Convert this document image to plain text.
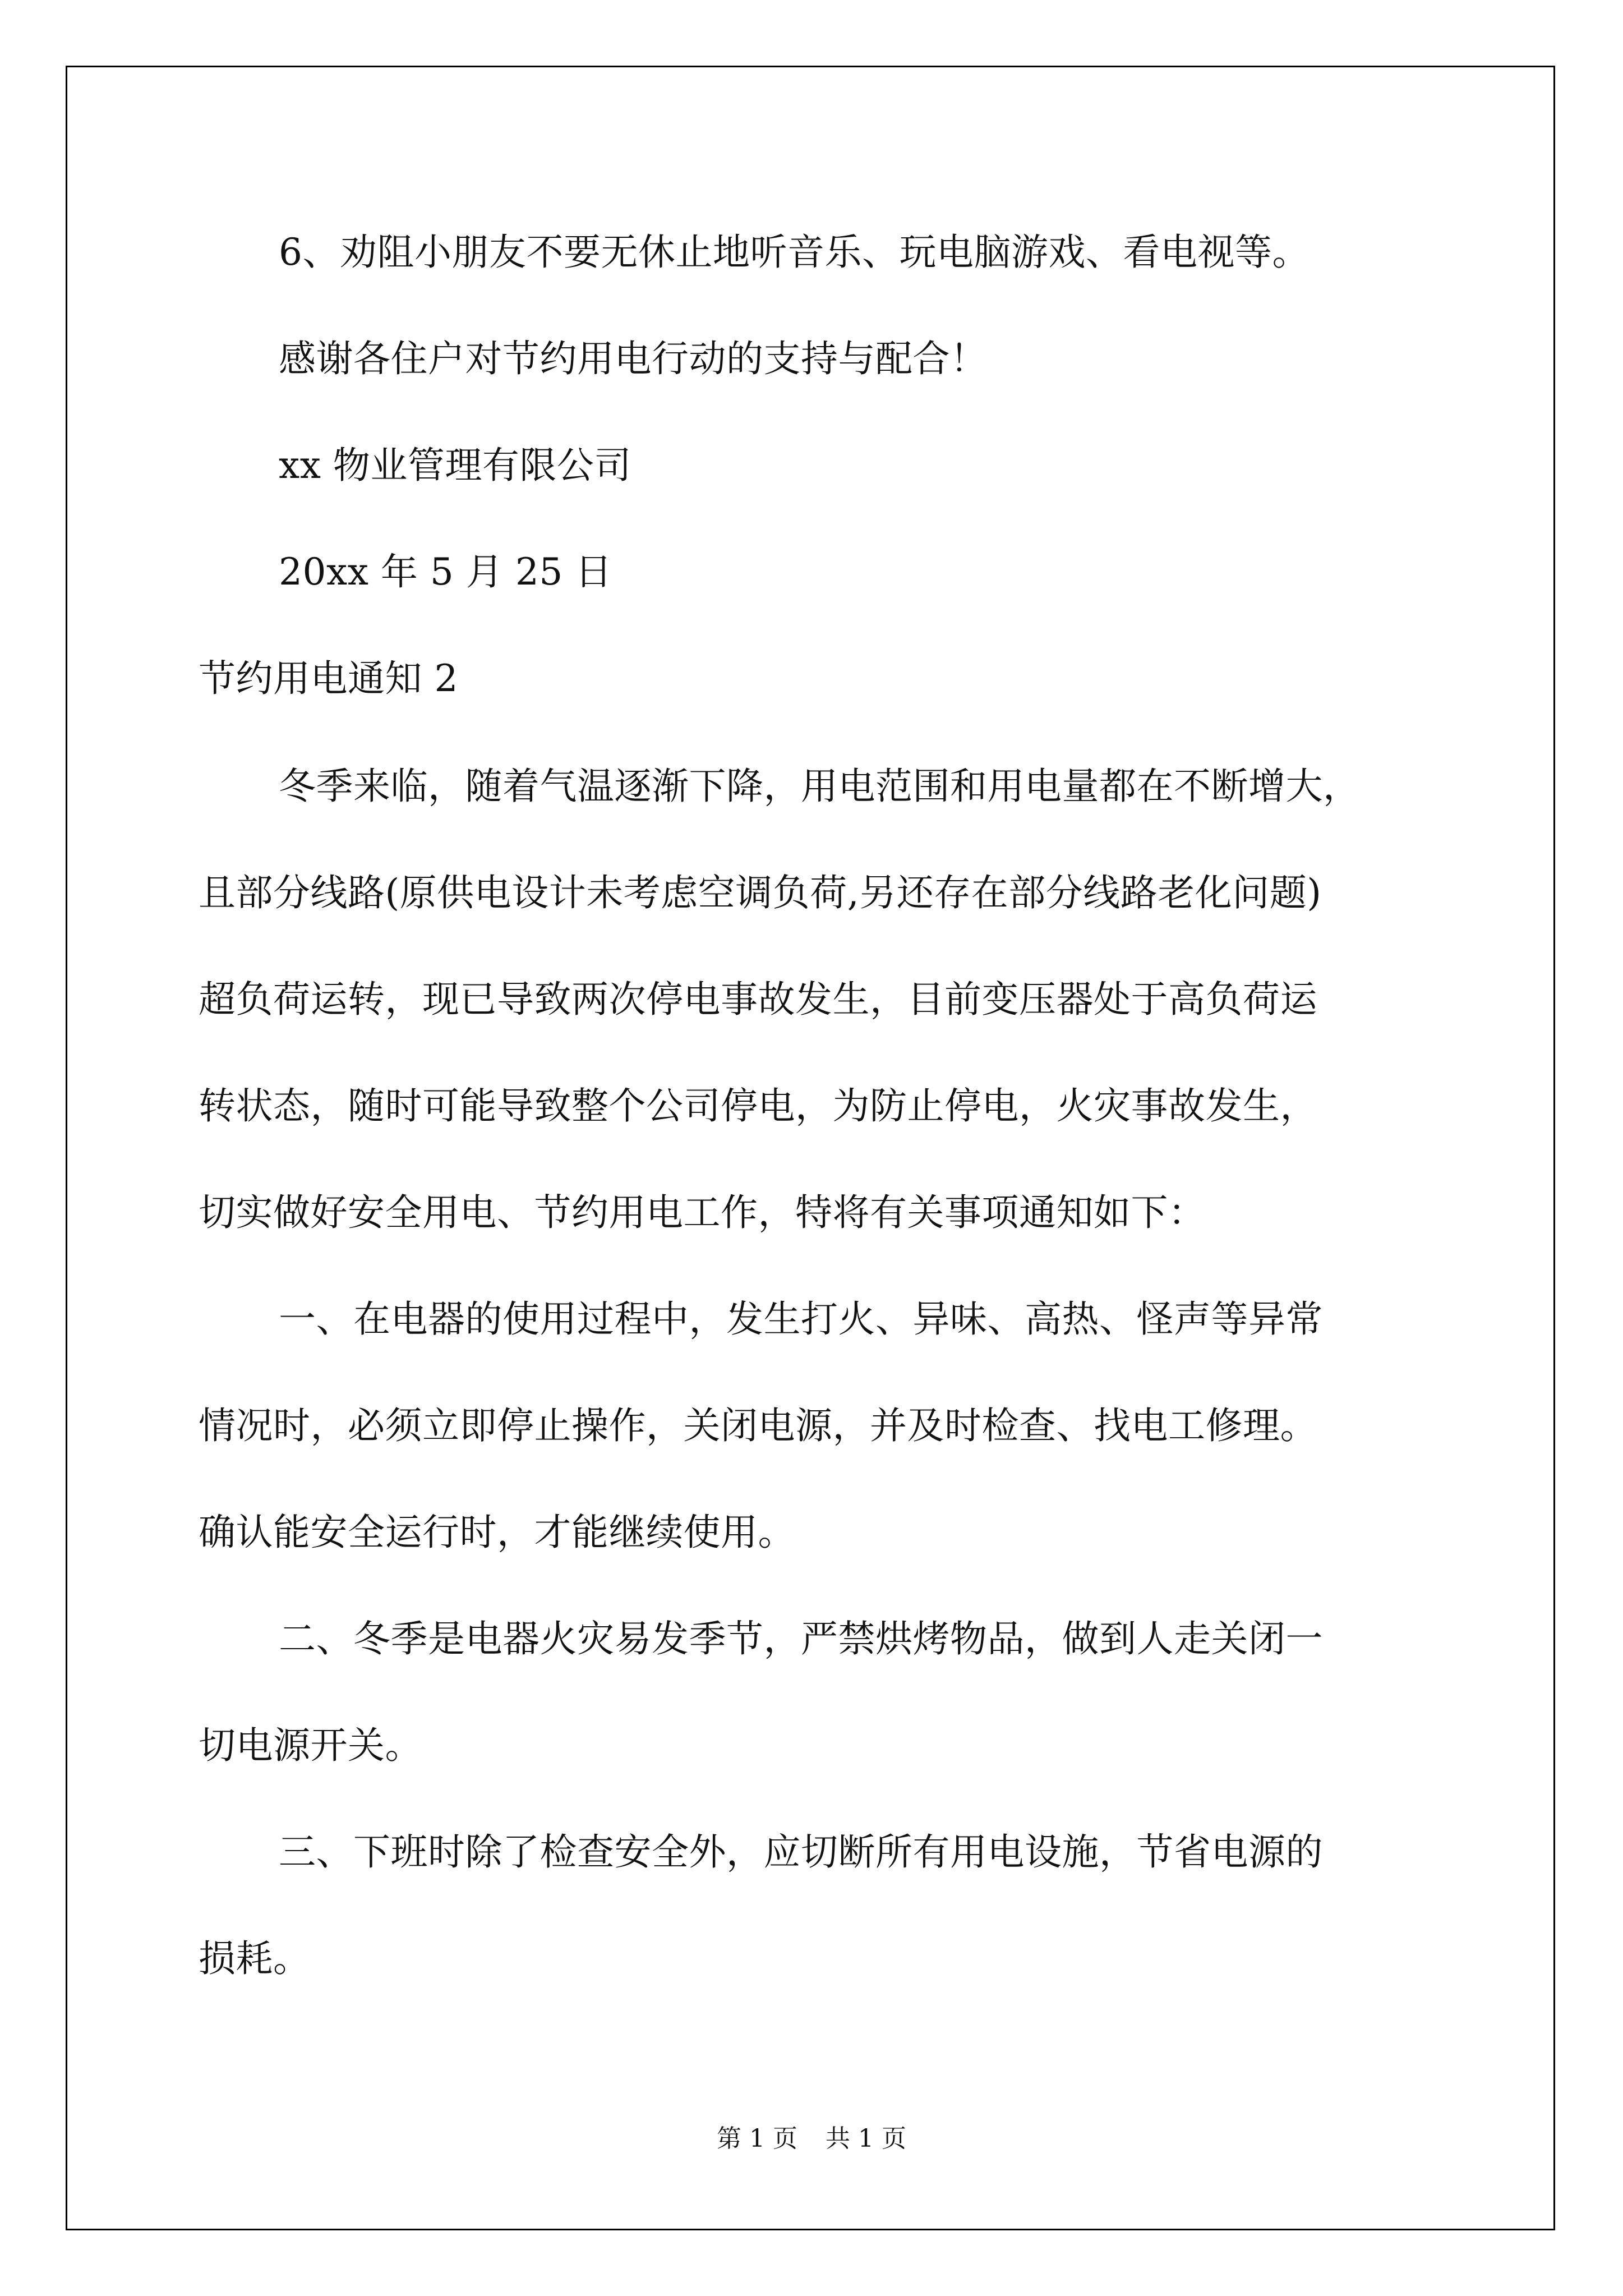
6、劝阻小朋友不要无休止地听音乐、玩电脑游戏、看电视等。
感谢各住户对节约用电行动的支持与配合！
xx 物业管理有限公司
20xx 年 5 月 25 日
节约用电通知 2
冬季来临，随着气温逐渐下降，用电范围和用电量都在不断增大，
且部分线路(原供电设计未考虑空调负荷,另还存在部分线路老化问题)
超负荷运转，现已导致两次停电事故发生，目前变压器处于高负荷运
转状态，随时可能导致整个公司停电，为防止停电，火灾事故发生，
切实做好安全用电、节约用电工作，特将有关事项通知如下：
一、在电器的使用过程中，发生打火、异味、高热、怪声等异常
情况时，必须立即停止操作，关闭电源，并及时检查、找电工修理。
确认能安全运行时，才能继续使用。
二、冬季是电器火灾易发季节，严禁烘烤物品，做到人走关闭一
切电源开关。
三、下班时除了检查安全外，应切断所有用电设施，节省电源的
损耗。
第 1 页 共 1 页
